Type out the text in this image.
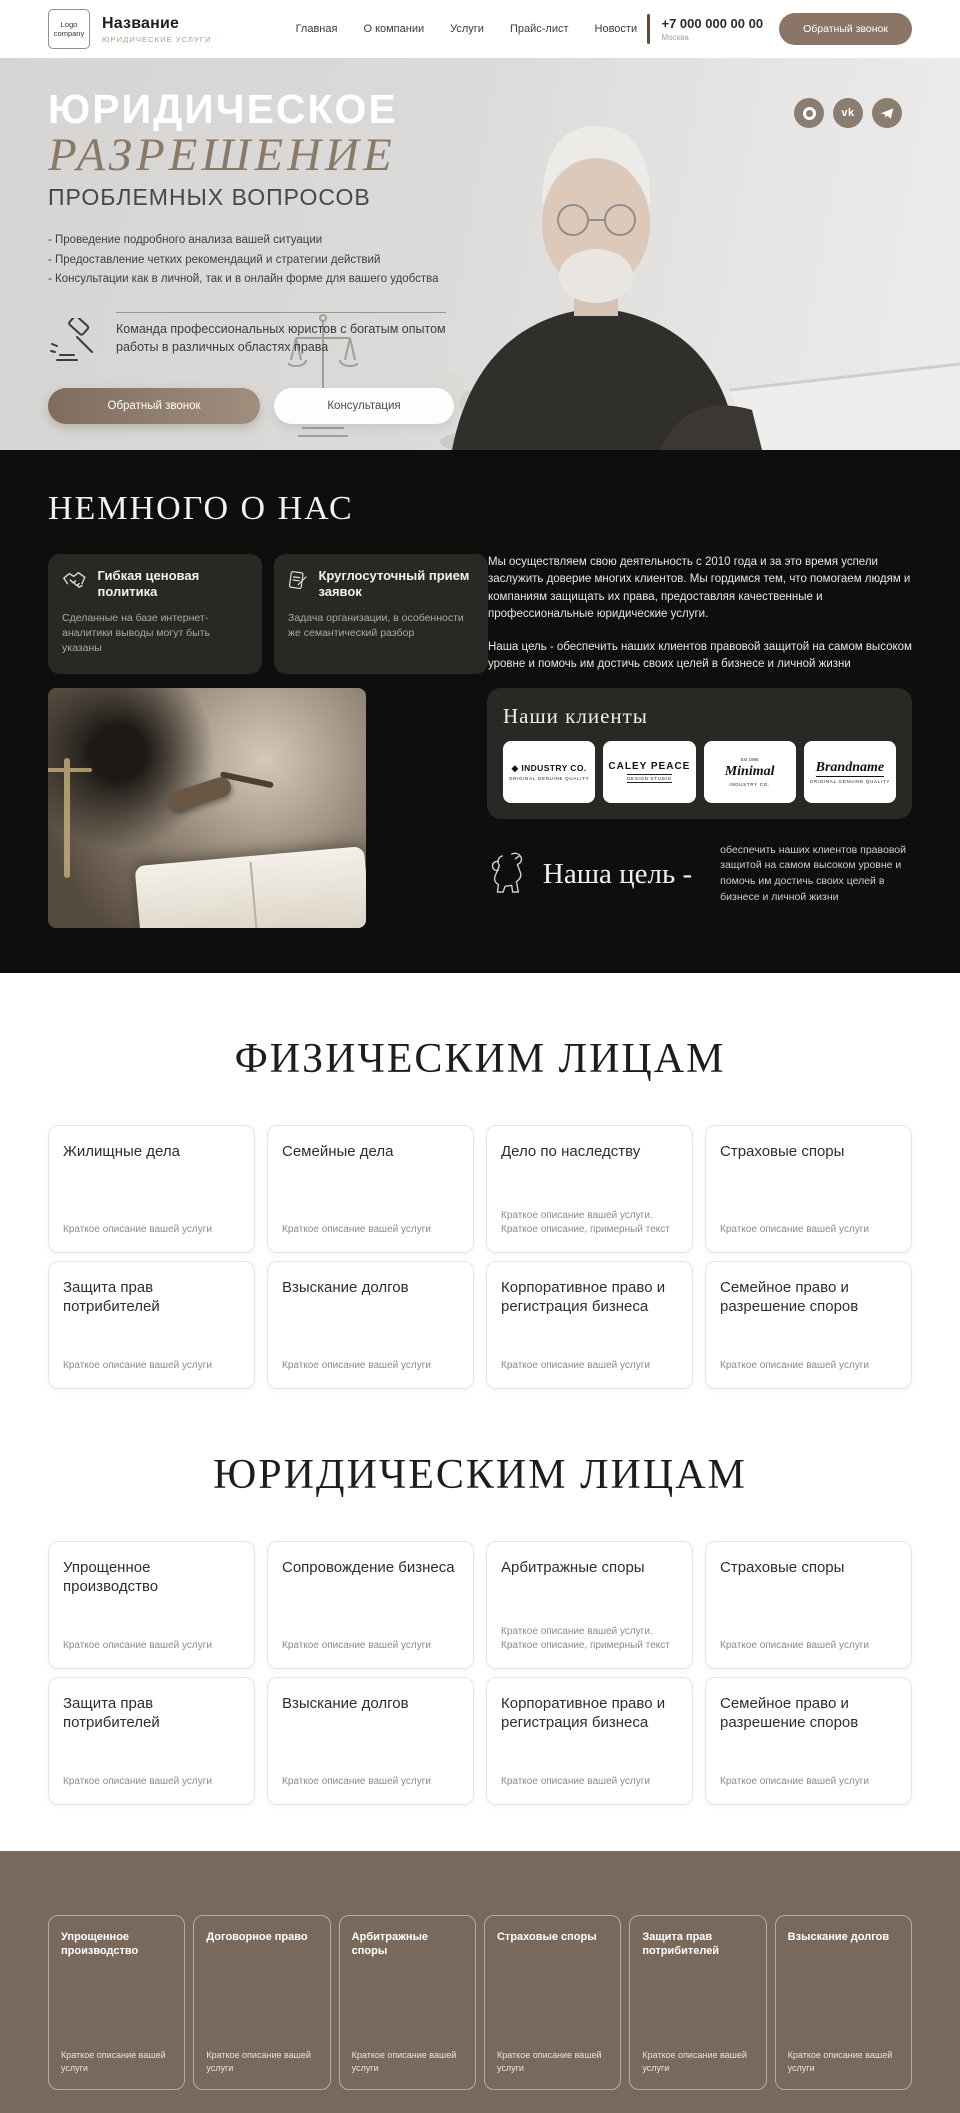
Logo
company
Название
ЮРИДИЧЕСКИЕ УСЛУГИ
Главная О компании Услуги Прайс-лист Новости +7 000 000 00 00
Москва
Обратный звонок
ЮРИДИЧЕСКОЕ
РАЗРЕШЕНИЕ
ПРОБЛЕМНЫХ ВОПРОСОВ
- Проведение подробного анализа вашей ситуации
- Предоставление четких рекомендаций и стратегии действий
- Консультации как в личной, так и в онлайн форме для вашего удобства
Команда профессиональных юристов с богатым опытом работы в различных областях права
Обратный звонок	Консультация
vk
НЕМНОГО О НАС
Гибкая ценовая политика
Сделанные на базе интернет-аналитики выводы могут быть указаны
Круглосуточный прием заявок
Задача организации, в особенности же семантический разбор

Мы осуществляем свою деятельность с 2010 года и за это время успели заслужить доверие многих клиентов. Мы гордимся тем, что помогаем людям и компаниям защищать их права, предоставляя качественные и профессиональные юридические услуги.

Наша цель - обеспечить наших клиентов правовой защитой на самом высоком уровне и помочь им достичь своих целей в бизнесе и личной жизни

Наши клиенты
◆ INDUSTRY CO.
ORIGINAL GENUINE QUALITY
CALEY PEACE
DESIGN STUDIO
Est 1986
Minimal
INDUSTRY CO.
Brandname
ORIGINAL GENUINE QUALITY
Наша цель -
обеспечить наших клиентов правовой защитой на самом высоком уровне и помочь им достичь своих целей в бизнесе и личной жизни
ФИЗИЧЕСКИМ ЛИЦАМ
Жилищные дела
Краткое описание вашей услуги
Семейные дела
Краткое описание вашей услуги
Дело по наследству
Краткое описание вашей услуги. Краткое описание, примерный текст
Страховые споры
Краткое описание вашей услуги
Защита прав потрибителей
Краткое описание вашей услуги
Взыскание долгов
Краткое описание вашей услуги
Корпоративное право и регистрация бизнеса
Краткое описание вашей услуги
Семейное право и разрешение споров
Краткое описание вашей услуги
ЮРИДИЧЕСКИМ ЛИЦАМ
Упрощенное производство
Краткое описание вашей услуги
Сопровождение бизнеса
Краткое описание вашей услуги
Арбитражные споры
Краткое описание вашей услуги. Краткое описание, примерный текст
Страховые споры
Краткое описание вашей услуги
Защита прав потрибителей
Краткое описание вашей услуги
Взыскание долгов
Краткое описание вашей услуги
Корпоративное право и регистрация бизнеса
Краткое описание вашей услуги
Семейное право и разрешение споров
Краткое описание вашей услуги
Упрощенное производство
Краткое описание вашей услуги
Договорное право
Краткое описание вашей услуги
Арбитражные споры
Краткое описание вашей услуги
Страховые споры
Краткое описание вашей услуги
Защита прав потрибителей
Краткое описание вашей услуги
Взыскание долгов
Краткое описание вашей услуги
